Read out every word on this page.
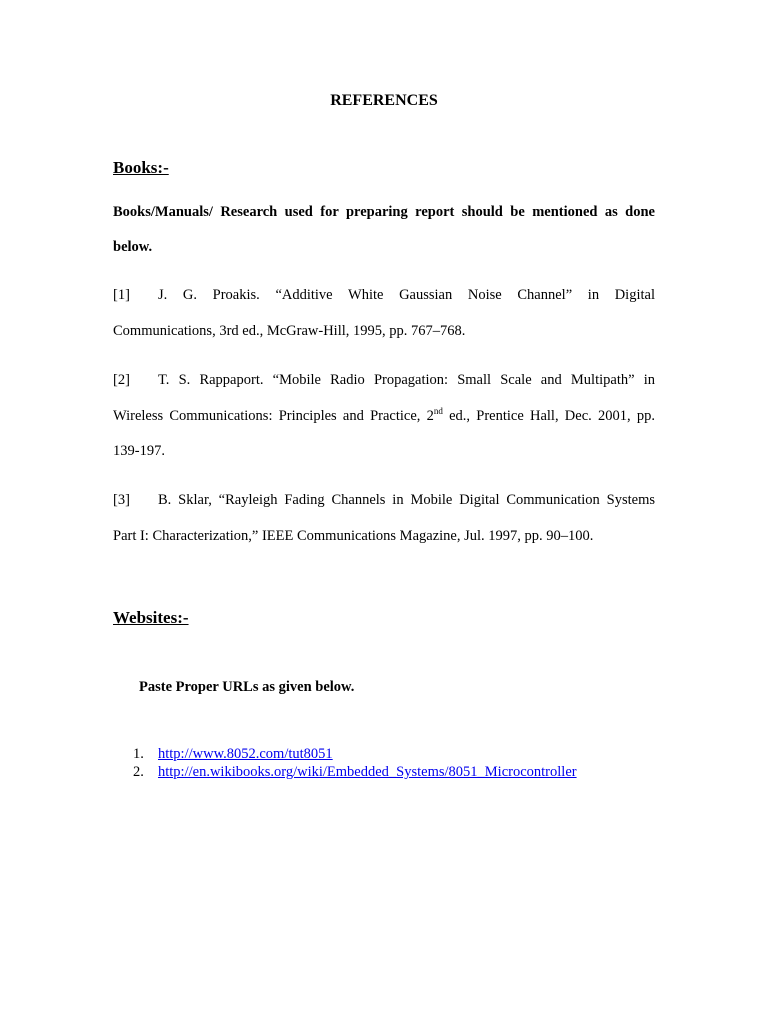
REFERENCES
Books:-

Books/Manuals/ Research used for preparing report should be mentioned as done below.

[1] J. G. Proakis. “Additive White Gaussian Noise Channel” in Digital
Communications, 3rd ed., McGraw-Hill, 1995, pp. 767–768.
[2] T. S. Rappaport. “Mobile Radio Propagation: Small Scale and Multipath” in
Wireless Communications: Principles and Practice, 2nd ed., Prentice Hall, Dec. 2001, pp.
139-197.
[3] B. Sklar, “Rayleigh Fading Channels in Mobile Digital Communication Systems
Part I: Characterization,” IEEE Communications Magazine, Jul. 1997, pp. 90–100.
Websites:-

Paste Proper URLs as given below.

1. http://www.8052.com/tut8051
2. http://en.wikibooks.org/wiki/Embedded_Systems/8051_Microcontroller
